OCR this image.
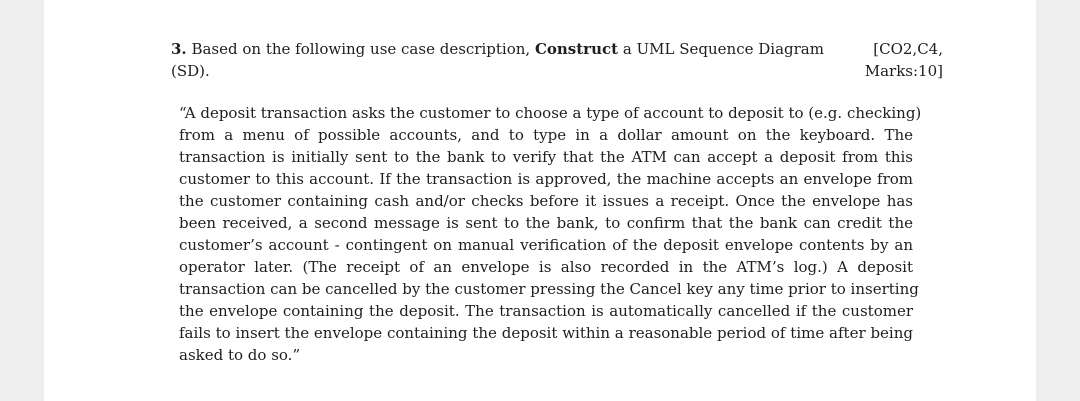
3. Based on the following use case description, Construct a UML Sequence Diagram
(SD).
[CO2,C4,
Marks:10]
“A deposit transaction asks the customer to choose a type of account to deposit to (e.g. checking)
from a menu of possible accounts, and to type in a dollar amount on the keyboard. The
transaction is initially sent to the bank to verify that the ATM can accept a deposit from this
customer to this account. If the transaction is approved, the machine accepts an envelope from
the customer containing cash and/or checks before it issues a receipt. Once the envelope has
been received, a second message is sent to the bank, to confirm that the bank can credit the
customer’s account - contingent on manual verification of the deposit envelope contents by an
operator later. (The receipt of an envelope is also recorded in the ATM’s log.) A deposit
transaction can be cancelled by the customer pressing the Cancel key any time prior to inserting
the envelope containing the deposit. The transaction is automatically cancelled if the customer
fails to insert the envelope containing the deposit within a reasonable period of time after being
asked to do so.”
